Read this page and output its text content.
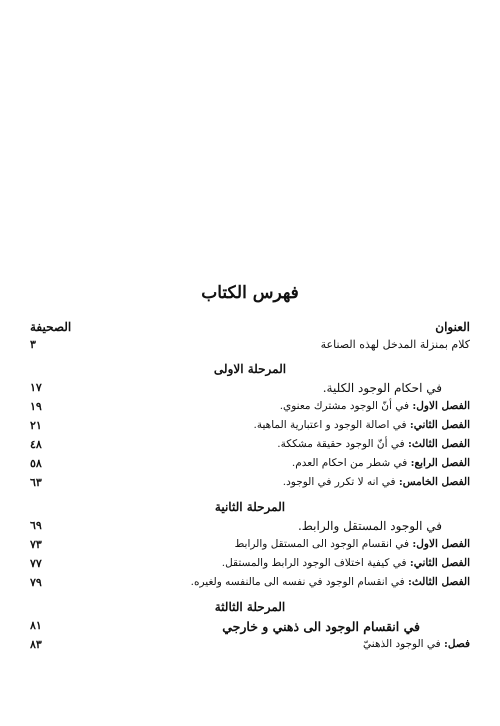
فهرس الكتاب
العنوان
الصحيفة
كلام بمنزلة المدخل لهذه الصناعة
٣
المرحلة الاولى
في احكام الوجود الكلية.
١٧
الفصل الاول: في أنّ الوجود مشترك معنوي.
١٩
الفصل الثاني: في اصالة الوجود و اعتبارية الماهية.
٢١
الفصل الثالث: في أنّ الوجود حقيقة مشككة.
٤٨
الفصل الرابع: في شطر من احكام العدم.
٥٨
الفصل الخامس: في انه لا تكرر في الوجود.
٦٣
المرحلة الثانية
في الوجود المستقل والرابط.
٦٩
الفصل الاول: في انقسام الوجود الى المستقل والرابط
٧٣
الفصل الثاني: في كيفية اختلاف الوجود الرابط والمستقل.
٧٧
الفصل الثالث: في انقسام الوجود في نفسه الى مالنفسه ولغيره.
٧٩
المرحلة الثالثة
في انقسام الوجود الى ذهني و خارجي
٨١
فصل: في الوجود الذهنيّ
٨٣
